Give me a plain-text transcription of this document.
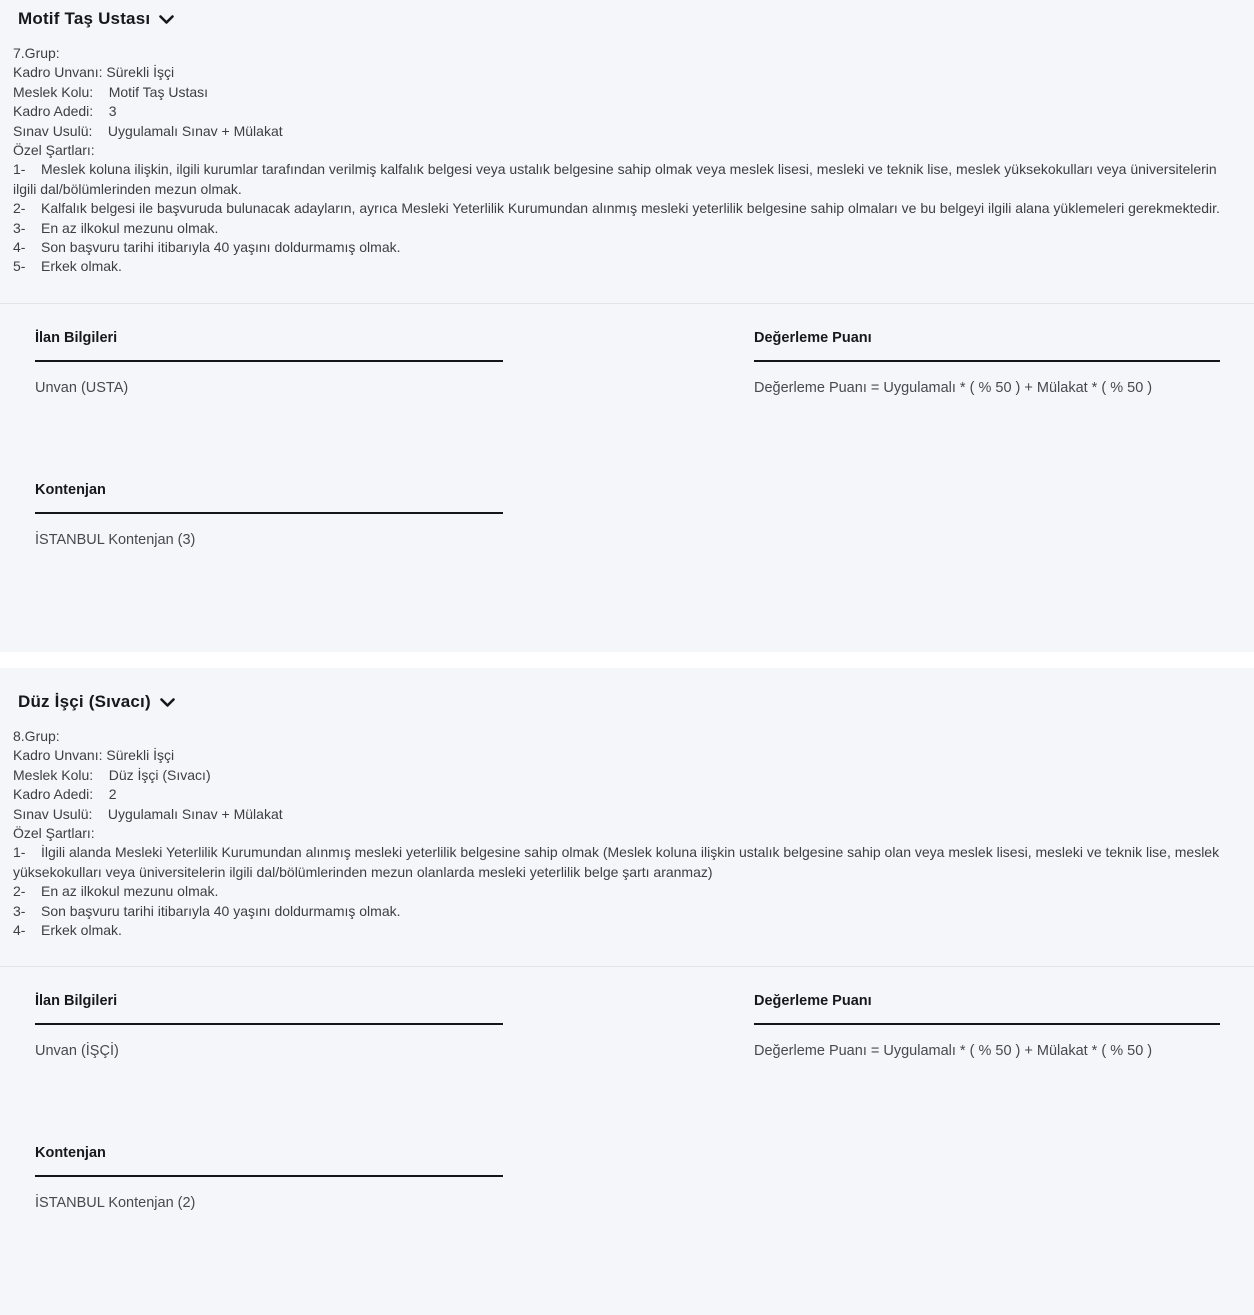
Motif Taş Ustası
7.Grup:
Kadro Unvanı: Sürekli İşçi
Meslek Kolu:    Motif Taş Ustası
Kadro Adedi:    3
Sınav Usulü:    Uygulamalı Sınav + Mülakat
Özel Şartları:
1-    Meslek koluna ilişkin, ilgili kurumlar tarafından verilmiş kalfalık belgesi veya ustalık belgesine sahip olmak veya meslek lisesi, mesleki ve teknik lise, meslek yüksekokulları veya üniversitelerin ilgili dal/bölümlerinden mezun olmak.
2-    Kalfalık belgesi ile başvuruda bulunacak adayların, ayrıca Mesleki Yeterlilik Kurumundan alınmış mesleki yeterlilik belgesine sahip olmaları ve bu belgeyi ilgili alana yüklemeleri gerekmektedir.
3-    En az ilkokul mezunu olmak.
4-    Son başvuru tarihi itibarıyla 40 yaşını doldurmamış olmak.
5-    Erkek olmak.
İlan Bilgileri
Unvan (USTA)
Değerleme Puanı
Değerleme Puanı = Uygulamalı * ( % 50 ) + Mülakat * ( % 50 )
Kontenjan
İSTANBUL Kontenjan (3)
Düz İşçi (Sıvacı)
8.Grup:
Kadro Unvanı: Sürekli İşçi
Meslek Kolu:    Düz İşçi (Sıvacı)
Kadro Adedi:    2
Sınav Usulü:    Uygulamalı Sınav + Mülakat
Özel Şartları:
1-    İlgili alanda Mesleki Yeterlilik Kurumundan alınmış mesleki yeterlilik belgesine sahip olmak (Meslek koluna ilişkin ustalık belgesine sahip olan veya meslek lisesi, mesleki ve teknik lise, meslek yüksekokulları veya üniversitelerin ilgili dal/bölümlerinden mezun olanlarda mesleki yeterlilik belge şartı aranmaz)
2-    En az ilkokul mezunu olmak.
3-    Son başvuru tarihi itibarıyla 40 yaşını doldurmamış olmak.
4-    Erkek olmak.
İlan Bilgileri
Unvan (İŞÇİ)
Değerleme Puanı
Değerleme Puanı = Uygulamalı * ( % 50 ) + Mülakat * ( % 50 )
Kontenjan
İSTANBUL Kontenjan (2)
